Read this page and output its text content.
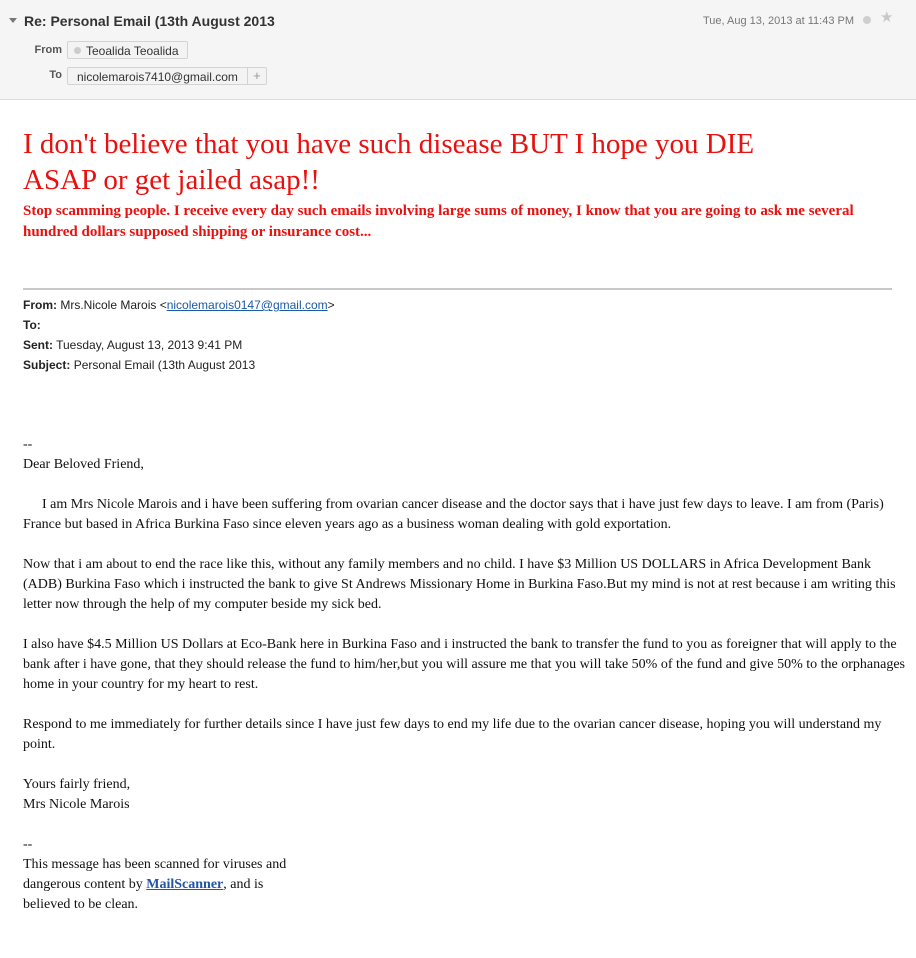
Re: Personal Email (13th August 2013	Tue, Aug 13, 2013 at 11:43 PM ★
From	Teoalida Teoalida
To	nicolemarois7410@gmail.com	+
I don't believe that you have such disease BUT I hope you DIE
ASAP or get jailed asap!!
Stop scamming people. I receive every day such emails involving large sums of money, I know that you are going to ask me several hundred dollars supposed shipping or insurance cost...
From: Mrs.Nicole Marois <nicolemarois0147@gmail.com>
To:
Sent: Tuesday, August 13, 2013 9:41 PM
Subject: Personal Email (13th August 2013
--
Dear Beloved Friend,
I am Mrs Nicole Marois and i have been suffering from ovarian cancer disease and the doctor says that i have just few days to leave. I am from (Paris) France but based in Africa Burkina Faso since eleven years ago as a business woman dealing with gold exportation.
Now that i am about to end the race like this, without any family members and no child. I have $3 Million US DOLLARS in Africa Development Bank (ADB) Burkina Faso which i instructed the bank to give St Andrews Missionary Home in Burkina Faso.But my mind is not at rest because i am writing this letter now through the help of my computer beside my sick bed.
I also have $4.5 Million US Dollars at Eco-Bank here in Burkina Faso and i instructed the bank to transfer the fund to you as foreigner that will apply to the bank after i have gone, that they should release the fund to him/her,but you will assure me that you will take 50% of the fund and give 50% to the orphanages home in your country for my heart to rest.
Respond to me immediately for further details since I have just few days to end my life due to the ovarian cancer disease, hoping you will understand my point.
Yours fairly friend,
Mrs Nicole Marois
--
This message has been scanned for viruses and
dangerous content by MailScanner, and is
believed to be clean.
